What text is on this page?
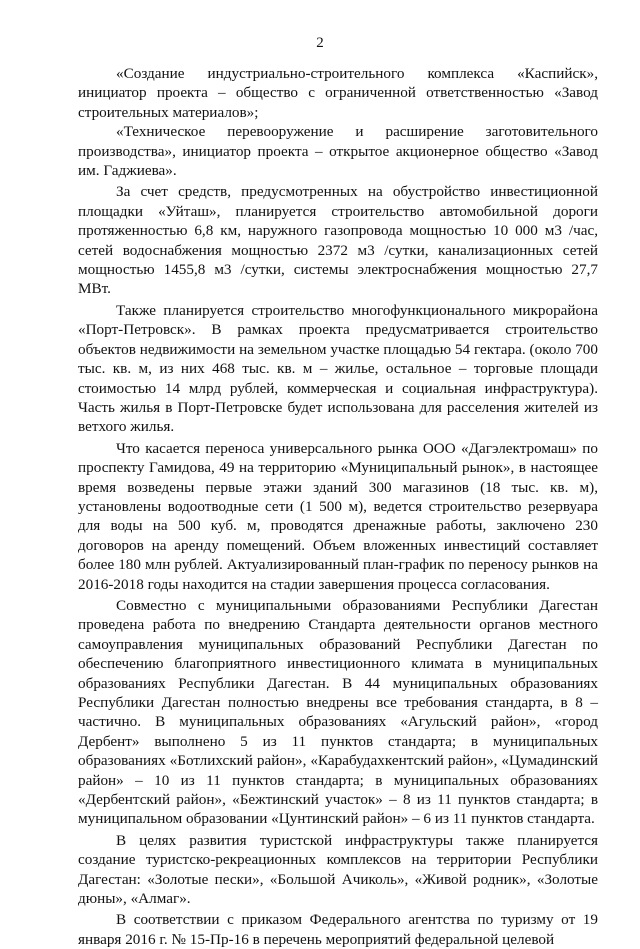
2

«Создание индустриально-строительного комплекса «Каспийск», инициатор проекта – общество с ограниченной ответственностью «Завод строительных материалов»;

«Техническое перевооружение и расширение заготовительного производства», инициатор проекта – открытое акционерное общество «Завод им. Гаджиева».

За счет средств, предусмотренных на обустройство инвестиционной площадки «Уйташ», планируется строительство автомобильной дороги протяженностью 6,8 км, наружного газопровода мощностью 10 000 м3 /час, сетей водоснабжения мощностью 2372 м3 /сутки, канализационных сетей мощностью 1455,8 м3 /сутки, системы электроснабжения мощностью 27,7 МВт.

Также планируется строительство многофункционального микрорайона «Порт-Петровск». В рамках проекта предусматривается строительство объектов недвижимости на земельном участке площадью 54 гектара. (около 700 тыс. кв. м, из них 468 тыс. кв. м – жилье, остальное – торговые площади стоимостью 14 млрд рублей, коммерческая и социальная инфраструктура). Часть жилья в Порт-Петровске будет использована для расселения жителей из ветхого жилья.

Что касается переноса универсального рынка ООО «Дагэлектромаш» по проспекту Гамидова, 49 на территорию «Муниципальный рынок», в настоящее время возведены первые этажи зданий 300 магазинов (18 тыс. кв. м), установлены водоотводные сети (1 500 м), ведется строительство резервуара для воды на 500 куб. м, проводятся дренажные работы, заключено 230 договоров на аренду помещений. Объем вложенных инвестиций составляет более 180 млн рублей. Актуализированный план-график по переносу рынков на 2016-2018 годы находится на стадии завершения процесса согласования.

Совместно с муниципальными образованиями Республики Дагестан проведена работа по внедрению Стандарта деятельности органов местного самоуправления муниципальных образований Республики Дагестан по обеспечению благоприятного инвестиционного климата в муниципальных образованиях Республики Дагестан. В 44 муниципальных образованиях Республики Дагестан полностью внедрены все требования стандарта, в 8 – частично. В муниципальных образованиях «Агульский район», «город Дербент» выполнено 5 из 11 пунктов стандарта; в муниципальных образованиях «Ботлихский район», «Карабудахкентский район», «Цумадинский район» – 10 из 11 пунктов стандарта; в муниципальных образованиях «Дербентский район», «Бежтинский участок» – 8 из 11 пунктов стандарта; в муниципальном образовании «Цунтинский район» – 6 из 11 пунктов стандарта.

В целях развития туристской инфраструктуры также планируется создание туристско-рекреационных комплексов на территории Республики Дагестан: «Золотые пески», «Большой Ачиколь», «Живой родник», «Золотые дюны», «Алмаг».

В соответствии с приказом Федерального агентства по туризму от 19 января 2016 г. № 15-Пр-16 в перечень мероприятий федеральной целевой
